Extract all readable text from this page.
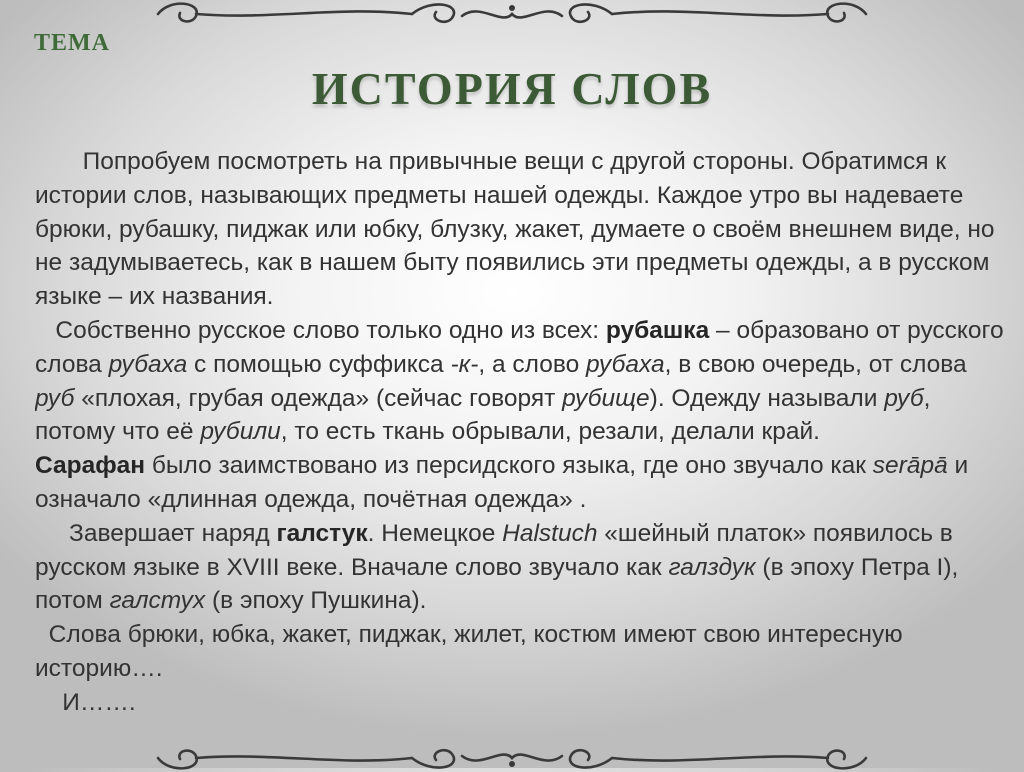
ТЕМА
ИСТОРИЯ СЛОВ

Попробуем посмотреть на привычные вещи с другой стороны. Обратимся к истории слов, называющих предметы нашей одежды. Каждое утро вы надеваете брюки, рубашку, пиджак или юбку, блузку, жакет, думаете о своём внешнем виде, но не задумываетесь, как в нашем быту появились эти предметы одежды, а в русском языке – их названия.

Собственно русское слово только одно из всех: рубашка – образовано от русского слова рубаха с помощью суффикса -к-, а слово рубаха, в свою очередь, от слова руб «плохая, грубая одежда» (сейчас говорят рубище). Одежду называли руб, потому что её рубили, то есть ткань обрывали, резали, делали край.

Сарафан было заимствовано из персидского языка, где оно звучало как serāpā и означало «длинная одежда, почётная одежда» .

Завершает наряд галстук. Немецкое Halstuch «шейный платок» появилось в русском языке в XVIII веке. Вначале слово звучало как галздук (в эпоху Петра I), потом галстух (в эпоху Пушкина).

Слова брюки, юбка, жакет, пиджак, жилет, костюм имеют свою интересную историю….

И…….
